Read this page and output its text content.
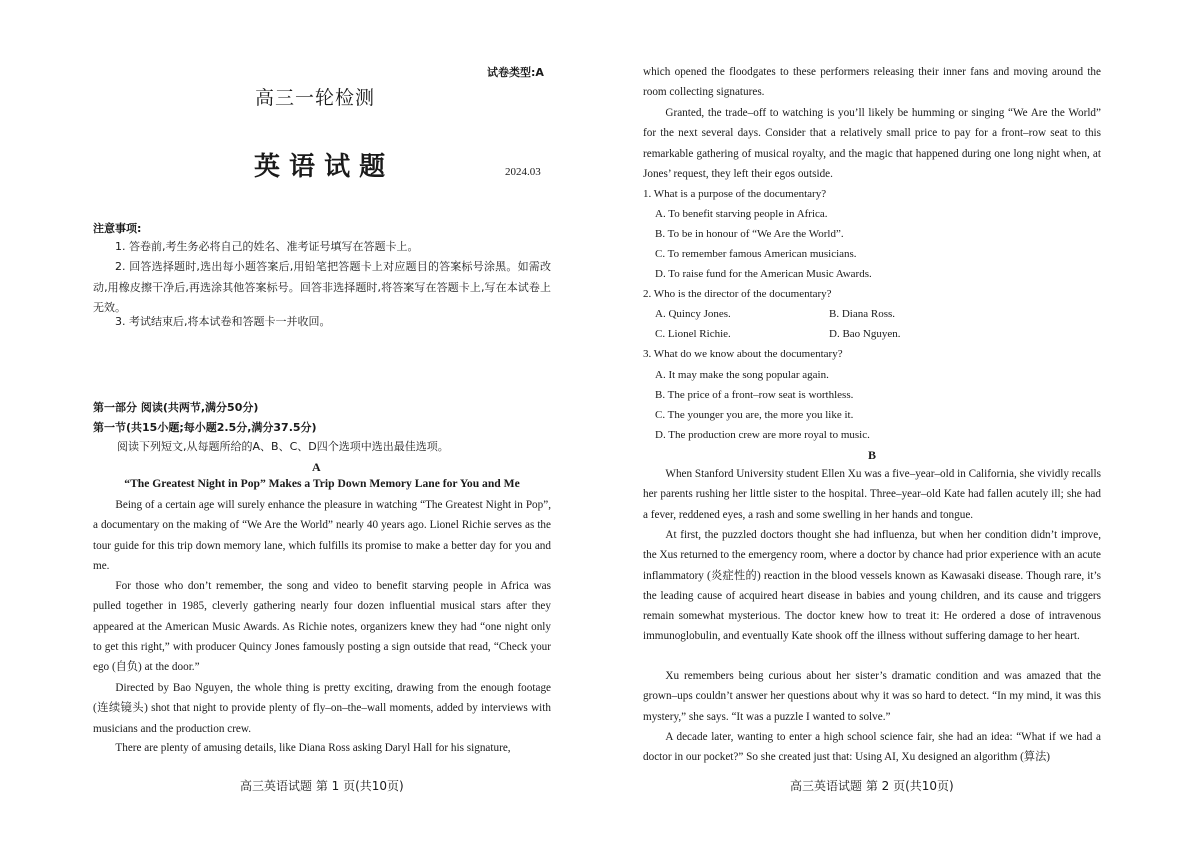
试卷类型:A
高三一轮检测
英 语 试 题	2024.03
注意事项:
1. 答卷前,考生务必将自己的姓名、准考证号填写在答题卡上。
2. 回答选择题时,选出每小题答案后,用铅笔把答题卡上对应题目的答案标号涂黑。如需改动,用橡皮擦干净后,再选涂其他答案标号。回答非选择题时,将答案写在答题卡上,写在本试卷上无效。
3. 考试结束后,将本试卷和答题卡一并收回。
第一部分 阅读(共两节,满分50分)
第一节(共15小题;每小题2.5分,满分37.5分)
阅读下列短文,从每题所给的A、B、C、D四个选项中选出最佳选项。
A
“The Greatest Night in Pop” Makes a Trip Down Memory Lane for You and Me
Being of a certain age will surely enhance the pleasure in watching “The Greatest Night in Pop”, a documentary on the making of “We Are the World” nearly 40 years ago. Lionel Richie serves as the tour guide for this trip down memory lane, which fulfills its promise to make a better day for you and me.
For those who don’t remember, the song and video to benefit starving people in Africa was pulled together in 1985, cleverly gathering nearly four dozen influential musical stars after they appeared at the American Music Awards. As Richie notes, organizers knew they had “one night only to get this right,” with producer Quincy Jones famously posting a sign outside that read, “Check your ego (自负) at the door.”
Directed by Bao Nguyen, the whole thing is pretty exciting, drawing from the enough footage (连续镜头) shot that night to provide plenty of fly–on–the–wall moments, added by interviews with musicians and the production crew.
There are plenty of amusing details, like Diana Ross asking Daryl Hall for his signature,
高三英语试题 第 1 页(共10页)
which opened the floodgates to these performers releasing their inner fans and moving around the room collecting signatures.
Granted, the trade–off to watching is you’ll likely be humming or singing “We Are the World” for the next several days. Consider that a relatively small price to pay for a front–row seat to this remarkable gathering of musical royalty, and the magic that happened during one long night when, at Jones’ request, they left their egos outside.
1. What is a purpose of the documentary?
A. To benefit starving people in Africa.
B. To be in honour of “We Are the World”.
C. To remember famous American musicians.
D. To raise fund for the American Music Awards.
2. Who is the director of the documentary?
A. Quincy Jones.	B. Diana Ross.
C. Lionel Richie.	D. Bao Nguyen.
3. What do we know about the documentary?
A. It may make the song popular again.
B. The price of a front–row seat is worthless.
C. The younger you are, the more you like it.
D. The production crew are more royal to music.
B
When Stanford University student Ellen Xu was a five–year–old in California, she vividly recalls her parents rushing her little sister to the hospital. Three–year–old Kate had fallen acutely ill; she had a fever, reddened eyes, a rash and some swelling in her hands and tongue.
At first, the puzzled doctors thought she had influenza, but when her condition didn’t improve, the Xus returned to the emergency room, where a doctor by chance had prior experience with an acute inflammatory (炎症性的) reaction in the blood vessels known as Kawasaki disease. Though rare, it’s the leading cause of acquired heart disease in babies and young children, and its cause and triggers remain somewhat mysterious. The doctor knew how to treat it: He ordered a dose of intravenous immunoglobulin, and eventually Kate shook off the illness without suffering damage to her heart.
Xu remembers being curious about her sister’s dramatic condition and was amazed that the grown–ups couldn’t answer her questions about why it was so hard to detect. “In my mind, it was this mystery,” she says. “It was a puzzle I wanted to solve.”
A decade later, wanting to enter a high school science fair, she had an idea: “What if we had a doctor in our pocket?” So she created just that: Using AI, Xu designed an algorithm (算法)
高三英语试题 第 2 页(共10页)
